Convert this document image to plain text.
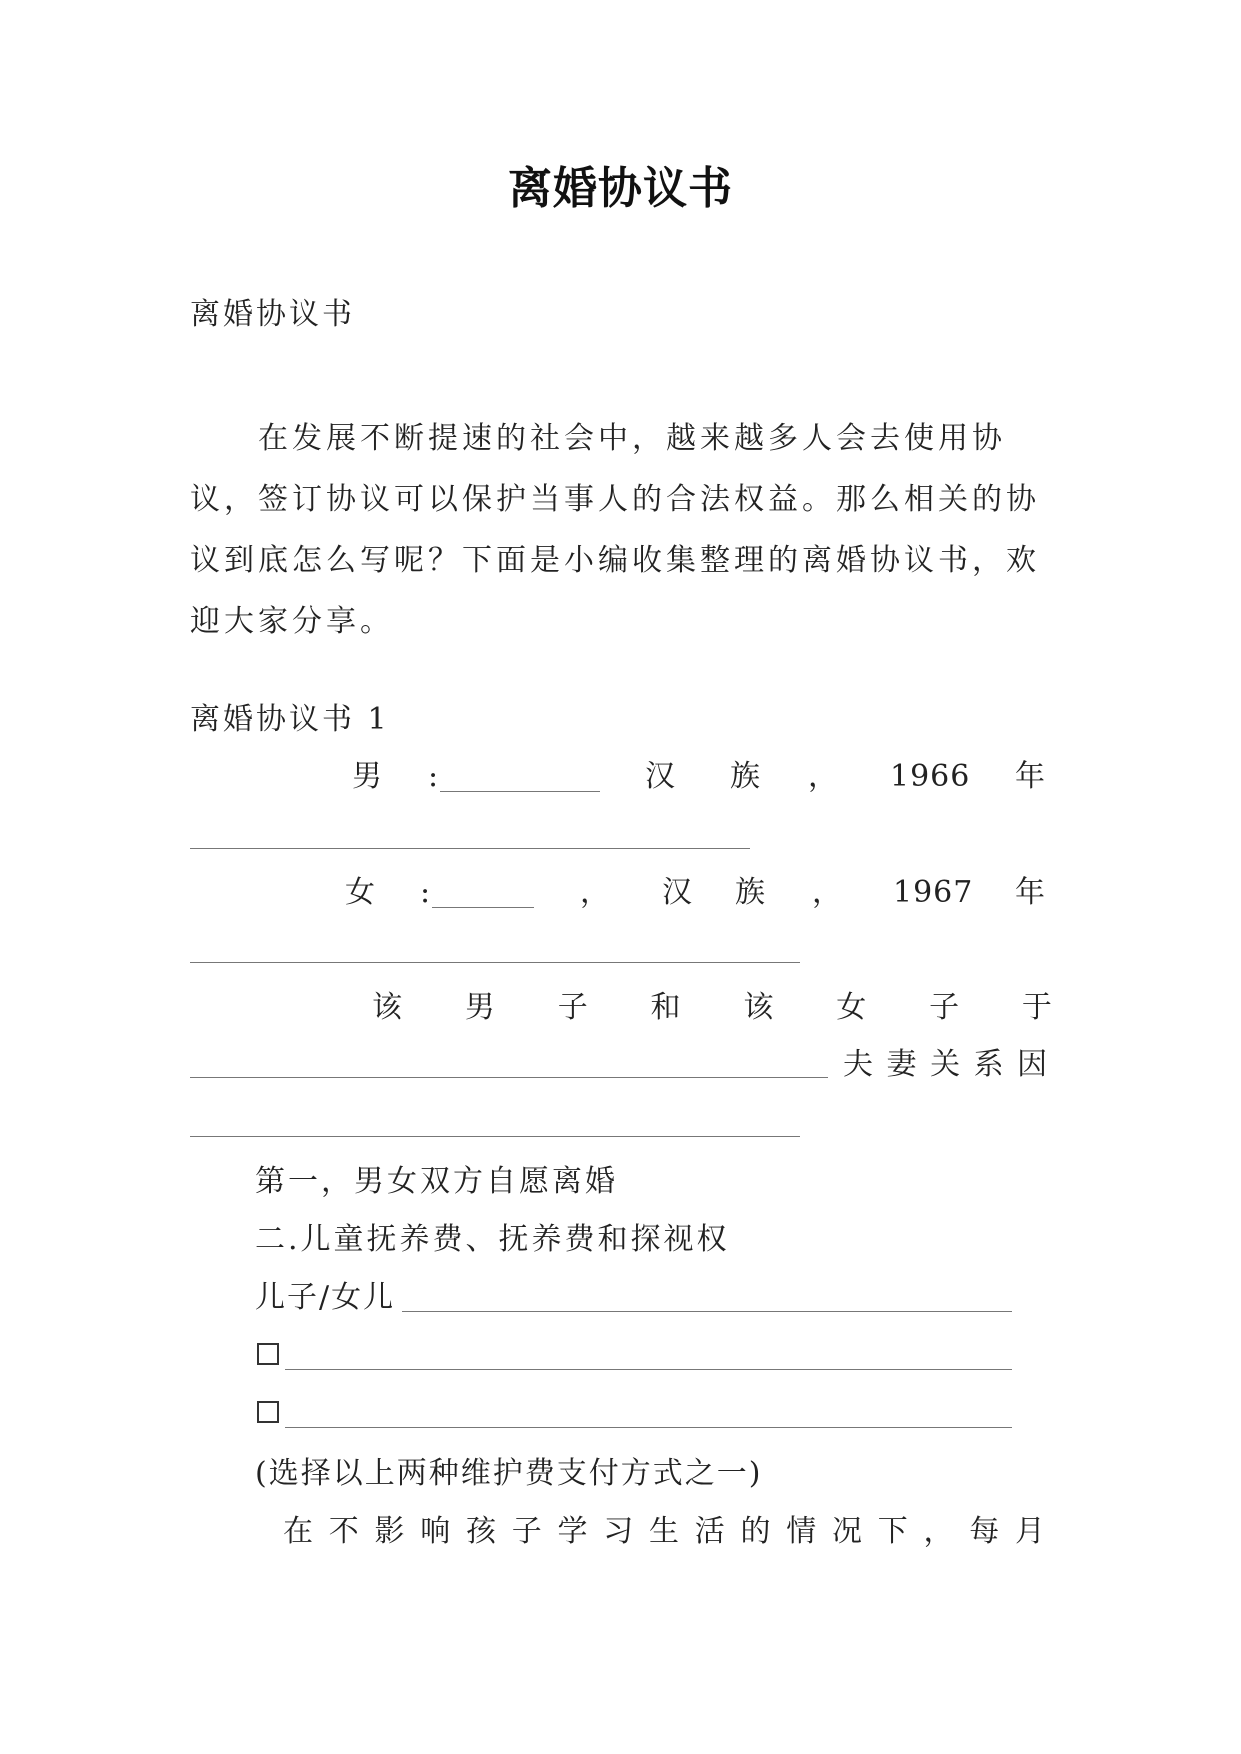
离婚协议书
离婚协议书

在发展不断提速的社会中，越来越多人会去使用协议，签订协议可以保护当事人的合法权益。那么相关的协议到底怎么写呢？下面是小编收集整理的离婚协议书，欢迎大家分享。

离婚协议书 1
男 :	汉 族 ， 1966 年
女 :	， 汉 族 ， 1967 年
该 男 子 和 该 女 子 于
夫 妻 关 系 因
第一，男女双方自愿离婚
二.儿童抚养费、抚养费和探视权
儿子/女儿
(选择以上两种维护费支付方式之一)
在 不 影 响 孩 子 学 习 生 活 的 情 况 下 ， 每 月
